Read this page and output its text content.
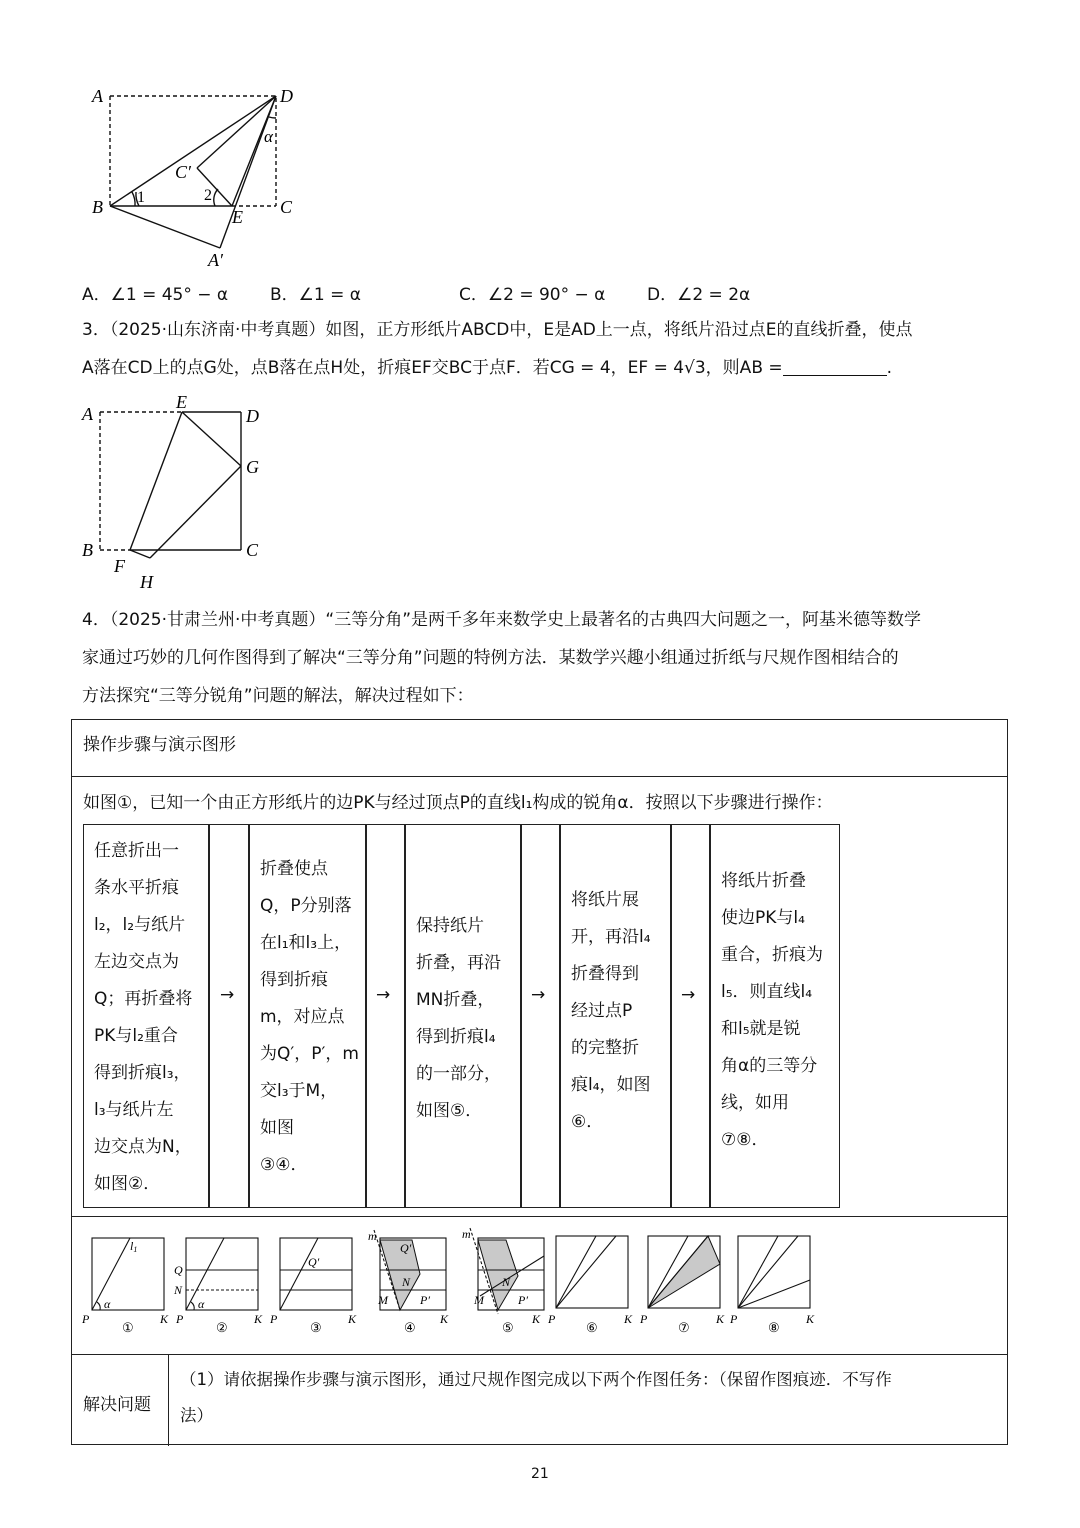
A	D
α
C′
B 1	2
E C
A′
A．∠1 = 45° − α B．∠1 = α	C．∠2 = 90° − α D．∠2 = 2α
3．（2025·山东济南·中考真题）如图，正方形纸片ABCD中，E是AD上一点，将纸片沿过点E的直线折叠，使点
A落在CD上的点G处，点B落在点H处，折痕EF交BC于点F．若CG = 4，EF = 4√3，则AB =	.
A
E
D
G
B	C
F
H
4．（2025·甘肃兰州·中考真题）“三等分角”是两千多年来数学史上最著名的古典四大问题之一，阿基米德等数学
家通过巧妙的几何作图得到了解决“三等分角”问题的特例方法．某数学兴趣小组通过折纸与尺规作图相结合的
方法探究“三等分锐角”问题的解法，解决过程如下：
操作步骤与演示图形
如图①，已知一个由正方形纸片的边PK与经过顶点P的直线l₁构成的锐角α．按照以下步骤进行操作：
任意折出一
条水平折痕
l₂，l₂与纸片
左边交点为
Q；再折叠将
PK与l₂重合
得到折痕l₃，
l₃与纸片左
边交点为N，
如图②．
→
折叠使点
Q，P分别落
在l₁和l₃上，
得到折痕
m，对应点
为Q′，P′，m
交l₃于M，
如图
③④．
→
保持纸片
折叠，再沿
MN折叠，
得到折痕l₄
的一部分，
如图⑤．
→
将纸片展
开，再沿l₄
折叠得到
经过点P
的完整折
痕l₄，如图
⑥．
→
将纸片折叠
使边PK与l₄
重合，折痕为
l₅．则直线l₄
和l₅就是锐
角α的三等分
线，如用
⑦⑧．
l1
α
P	K
①
Q
N
P	K
α
②
Q′
P	K
③
m
M
N
P′
Q′
K
④
m
M
N
P′
K
⑤
P	K
⑥
P	K
⑦
P	K
⑧
解决问题
（1）请依据操作步骤与演示图形，通过尺规作图完成以下两个作图任务：（保留作图痕迹．不写作
法）
21
